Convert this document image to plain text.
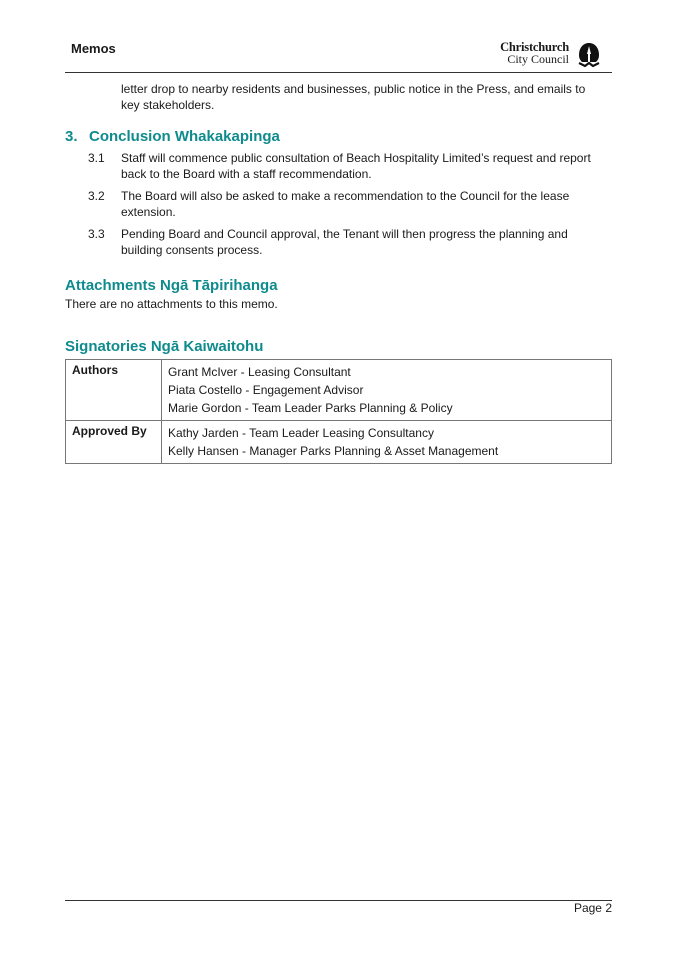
Memos	Christchurch
City Council
letter drop to nearby residents and businesses, public notice in the Press, and emails to key stakeholders.
3. Conclusion Whakakapinga
3.1	Staff will commence public consultation of Beach Hospitality Limited’s request and report back to the Board with a staff recommendation.
3.2	The Board will also be asked to make a recommendation to the Council for the lease extension.
3.3	Pending Board and Council approval, the Tenant will then progress the planning and building consents process.
Attachments Ngā Tāpirihanga
There are no attachments to this memo.
Signatories Ngā Kaiwaitohu
Authors	Grant McIver - Leasing Consultant
Piata Costello - Engagement Advisor
Marie Gordon - Team Leader Parks Planning & Policy

Approved By	Kathy Jarden - Team Leader Leasing Consultancy
Kelly Hansen - Manager Parks Planning & Asset Management
Page 2
